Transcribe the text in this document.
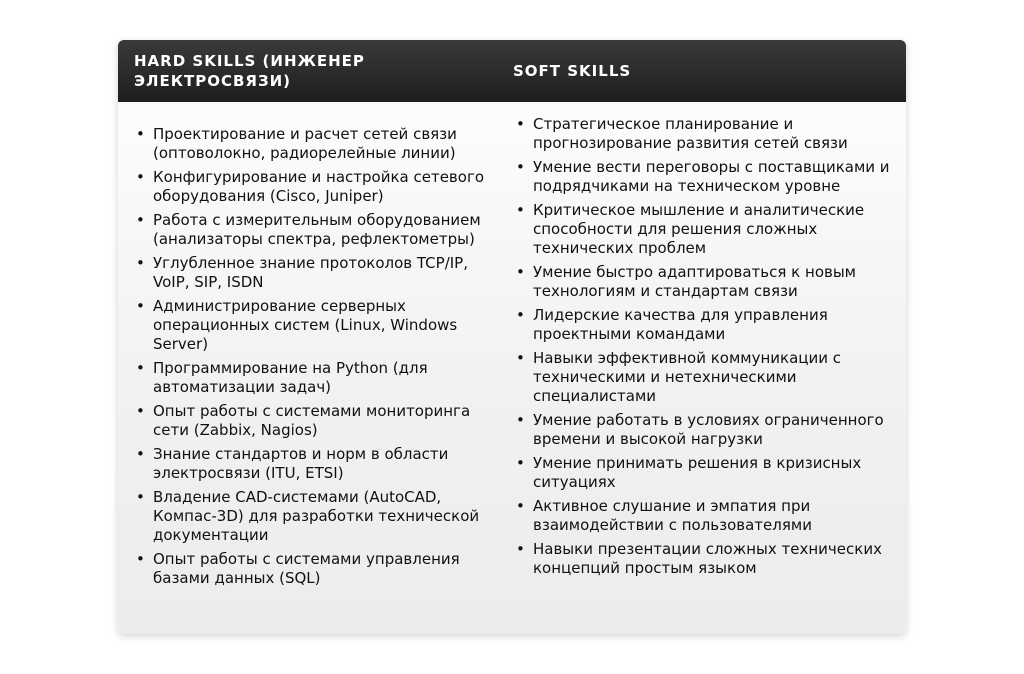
HARD SKILLS (ИНЖЕНЕР ЭЛЕКТРОСВЯЗИ)
SOFT SKILLS
• Проектирование и расчет сетей связи (оптоволокно, радиорелейные линии)
• Конфигурирование и настройка сетевого оборудования (Cisco, Juniper)
• Работа с измерительным оборудованием (анализаторы спектра, рефлектометры)
• Углубленное знание протоколов TCP/IP, VoIP, SIP, ISDN
• Администрирование серверных операционных систем (Linux, Windows Server)
• Программирование на Python (для автоматизации задач)
• Опыт работы с системами мониторинга сети (Zabbix, Nagios)
• Знание стандартов и норм в области электросвязи (ITU, ETSI)
• Владение CAD-системами (AutoCAD, Компас-3D) для разработки технической документации
• Опыт работы с системами управления базами данных (SQL)
• Стратегическое планирование и прогнозирование развития сетей связи
• Умение вести переговоры с поставщиками и подрядчиками на техническом уровне
• Критическое мышление и аналитические способности для решения сложных технических проблем
• Умение быстро адаптироваться к новым технологиям и стандартам связи
• Лидерские качества для управления проектными командами
• Навыки эффективной коммуникации с техническими и нетехническими специалистами
• Умение работать в условиях ограниченного времени и высокой нагрузки
• Умение принимать решения в кризисных ситуациях
• Активное слушание и эмпатия при взаимодействии с пользователями
• Навыки презентации сложных технических концепций простым языком
